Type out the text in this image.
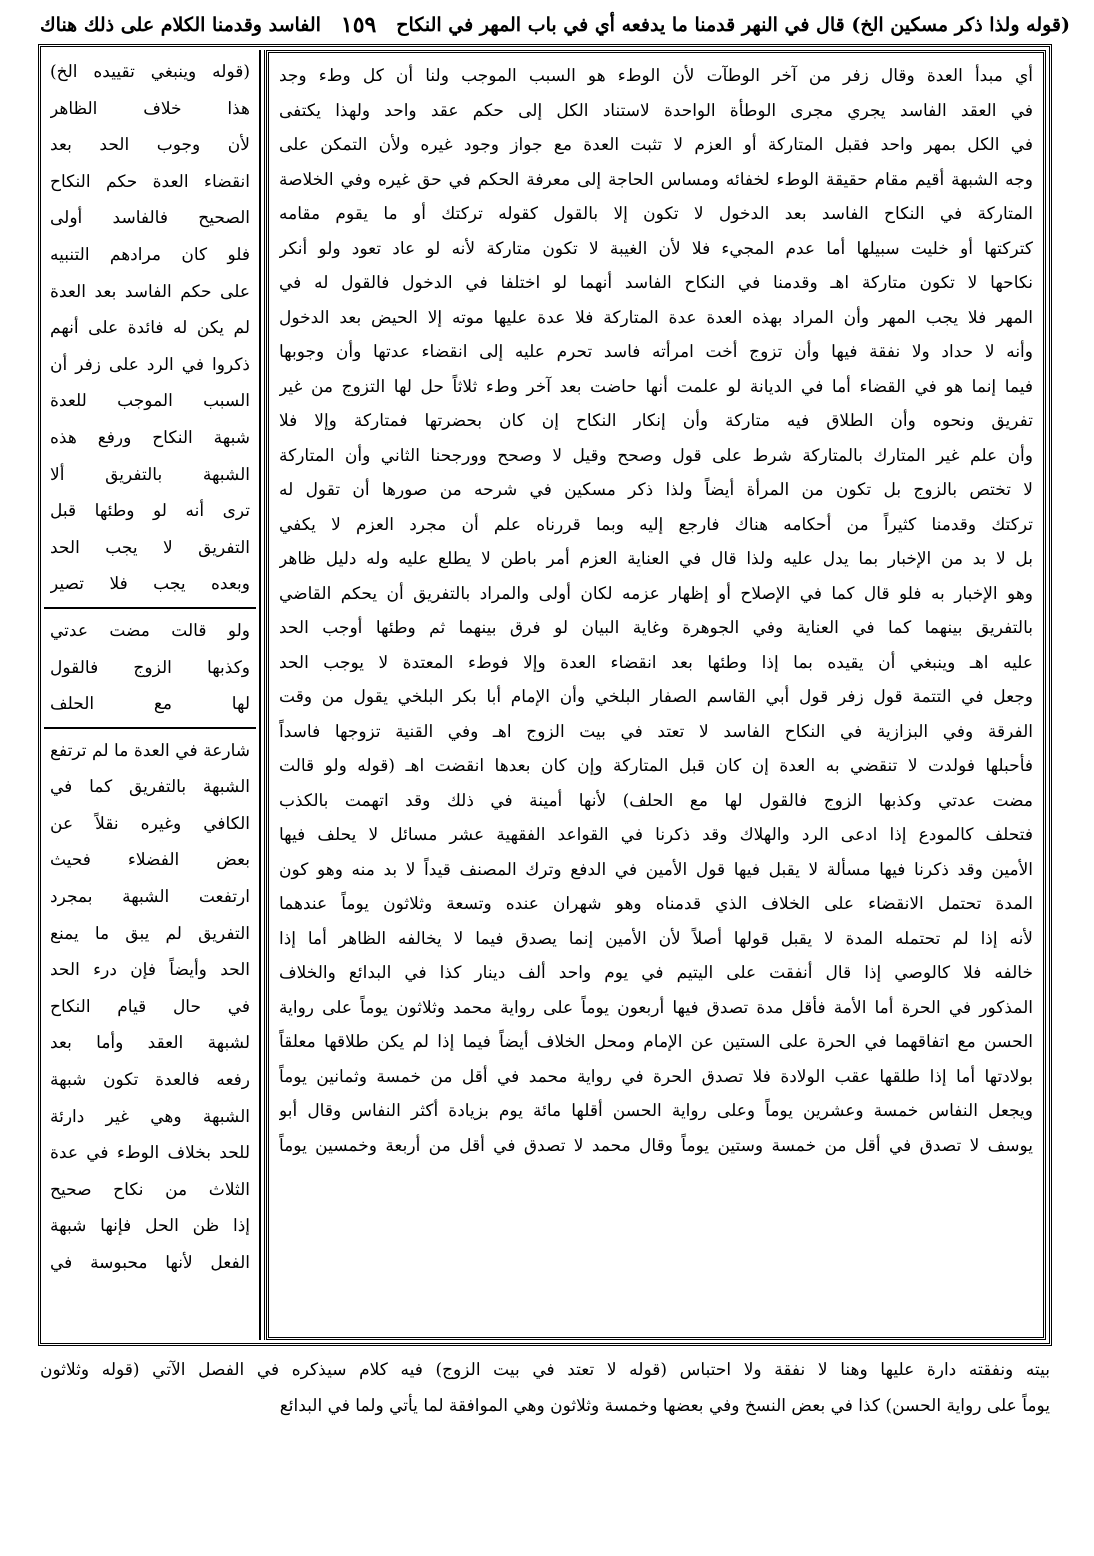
(قوله ولذا ذكر مسكين الخ) قال في النهر قدمنا ما يدفعه أي في باب المهر في النكاح
١٥٩
الفاسد وقدمنا الكلام على ذلك هناك
أي مبدأ العدة وقال زفر من آخر الوطآت لأن الوطء هو السبب الموجب ولنا أن كل وطء وجد
في العقد الفاسد يجري مجرى الوطأة الواحدة لاستناد الكل إلى حكم عقد واحد ولهذا يكتفى
في الكل بمهر واحد فقبل المتاركة أو العزم لا تثبت العدة مع جواز وجود غيره ولأن التمكن على
وجه الشبهة أقيم مقام حقيقة الوطء لخفائه ومساس الحاجة إلى معرفة الحكم في حق غيره وفي الخلاصة
المتاركة في النكاح الفاسد بعد الدخول لا تكون إلا بالقول كقوله تركتك أو ما يقوم مقامه
كتركتها أو خليت سبيلها أما عدم المجيء فلا لأن الغيبة لا تكون متاركة لأنه لو عاد تعود ولو أنكر
نكاحها لا تكون متاركة اهـ وقدمنا في النكاح الفاسد أنهما لو اختلفا في الدخول فالقول له في
المهر فلا يجب المهر وأن المراد بهذه العدة عدة المتاركة فلا عدة عليها موته إلا الحيض بعد الدخول
وأنه لا حداد ولا نفقة فيها وأن تزوج أخت امرأته فاسد تحرم عليه إلى انقضاء عدتها وأن وجوبها
فيما إنما هو في القضاء أما في الديانة لو علمت أنها حاضت بعد آخر وطء ثلاثاً حل لها التزوج من غير
تفريق ونحوه وأن الطلاق فيه متاركة وأن إنكار النكاح إن كان بحضرتها فمتاركة وإلا فلا
وأن علم غير المتارك بالمتاركة شرط على قول وصحح وقيل لا وصحح وورجحنا الثاني وأن المتاركة
لا تختص بالزوج بل تكون من المرأة أيضاً ولذا ذكر مسكين في شرحه من صورها أن تقول له
تركتك وقدمنا كثيراً من أحكامه هناك فارجع إليه وبما قررناه علم أن مجرد العزم لا يكفي
بل لا بد من الإخبار بما يدل عليه ولذا قال في العناية العزم أمر باطن لا يطلع عليه وله دليل ظاهر
وهو الإخبار به فلو قال كما في الإصلاح أو إظهار عزمه لكان أولى والمراد بالتفريق أن يحكم القاضي
بالتفريق بينهما كما في العناية وفي الجوهرة وغاية البيان لو فرق بينهما ثم وطئها أوجب الحد
عليه اهـ وينبغي أن يقيده بما إذا وطئها بعد انقضاء العدة وإلا فوطء المعتدة لا يوجب الحد
وجعل في التتمة قول زفر قول أبي القاسم الصفار البلخي وأن الإمام أبا بكر البلخي يقول من وقت
الفرقة وفي البزازية في النكاح الفاسد لا تعتد في بيت الزوج اهـ وفي القنية تزوجها فاسداً
فأحبلها فولدت لا تنقضي به العدة إن كان قبل المتاركة وإن كان بعدها انقضت اهـ (قوله ولو قالت
مضت عدتي وكذبها الزوج فالقول لها مع الحلف) لأنها أمينة في ذلك وقد اتهمت بالكذب
فتحلف كالمودع إذا ادعى الرد والهلاك وقد ذكرنا في القواعد الفقهية عشر مسائل لا يحلف فيها
الأمين وقد ذكرنا فيها مسألة لا يقبل فيها قول الأمين في الدفع وترك المصنف قيداً لا بد منه وهو كون
المدة تحتمل الانقضاء على الخلاف الذي قدمناه وهو شهران عنده وتسعة وثلاثون يوماً عندهما
لأنه إذا لم تحتمله المدة لا يقبل قولها أصلاً لأن الأمين إنما يصدق فيما لا يخالفه الظاهر أما إذا
خالفه فلا كالوصي إذا قال أنفقت على اليتيم في يوم واحد ألف دينار كذا في البدائع والخلاف
المذكور في الحرة أما الأمة فأقل مدة تصدق فيها أربعون يوماً على رواية محمد وثلاثون يوماً على رواية
الحسن مع اتفاقهما في الحرة على الستين عن الإمام ومحل الخلاف أيضاً فيما إذا لم يكن طلاقها معلقاً
بولادتها أما إذا طلقها عقب الولادة فلا تصدق الحرة في رواية محمد في أقل من خمسة وثمانين يوماً
ويجعل النفاس خمسة وعشرين يوماً وعلى رواية الحسن أقلها مائة يوم بزيادة أكثر النفاس وقال أبو
يوسف لا تصدق في أقل من خمسة وستين يوماً وقال محمد لا تصدق في أقل من أربعة وخمسين يوماً
(قوله وينبغي تقييده الخ)
هذا خلاف الظاهر
لأن وجوب الحد بعد
انقضاء العدة حكم النكاح
الصحيح فالفاسد أولى
فلو كان مرادهم التنبيه
على حكم الفاسد بعد العدة
لم يكن له فائدة على أنهم
ذكروا في الرد على زفر أن
السبب الموجب للعدة
شبهة النكاح ورفع هذه
الشبهة بالتفريق ألا
ترى أنه لو وطئها قبل
التفريق لا يجب الحد
وبعده يجب فلا تصير
ولو قالت مضت عدتي
وكذبها الزوج فالقول
لها مع الحلف
شارعة في العدة ما لم ترتفع
الشبهة بالتفريق كما في
الكافي وغيره نقلاً عن
بعض الفضلاء فحيث
ارتفعت الشبهة بمجرد
التفريق لم يبق ما يمنع
الحد وأيضاً فإن درء الحد
في حال قيام النكاح
لشبهة العقد وأما بعد
رفعه فالعدة تكون شبهة
الشبهة وهي غير دارئة
للحد بخلاف الوطء في عدة
الثلاث من نكاح صحيح
إذا ظن الحل فإنها شبهة
الفعل لأنها محبوسة في
بيته ونفقته دارة عليها وهنا لا نفقة ولا احتباس (قوله لا تعتد في بيت الزوج) فيه كلام سيذكره في الفصل الآتي (قوله وثلاثون
يوماً على رواية الحسن) كذا في بعض النسخ وفي بعضها وخمسة وثلاثون وهي الموافقة لما يأتي ولما في البدائع
